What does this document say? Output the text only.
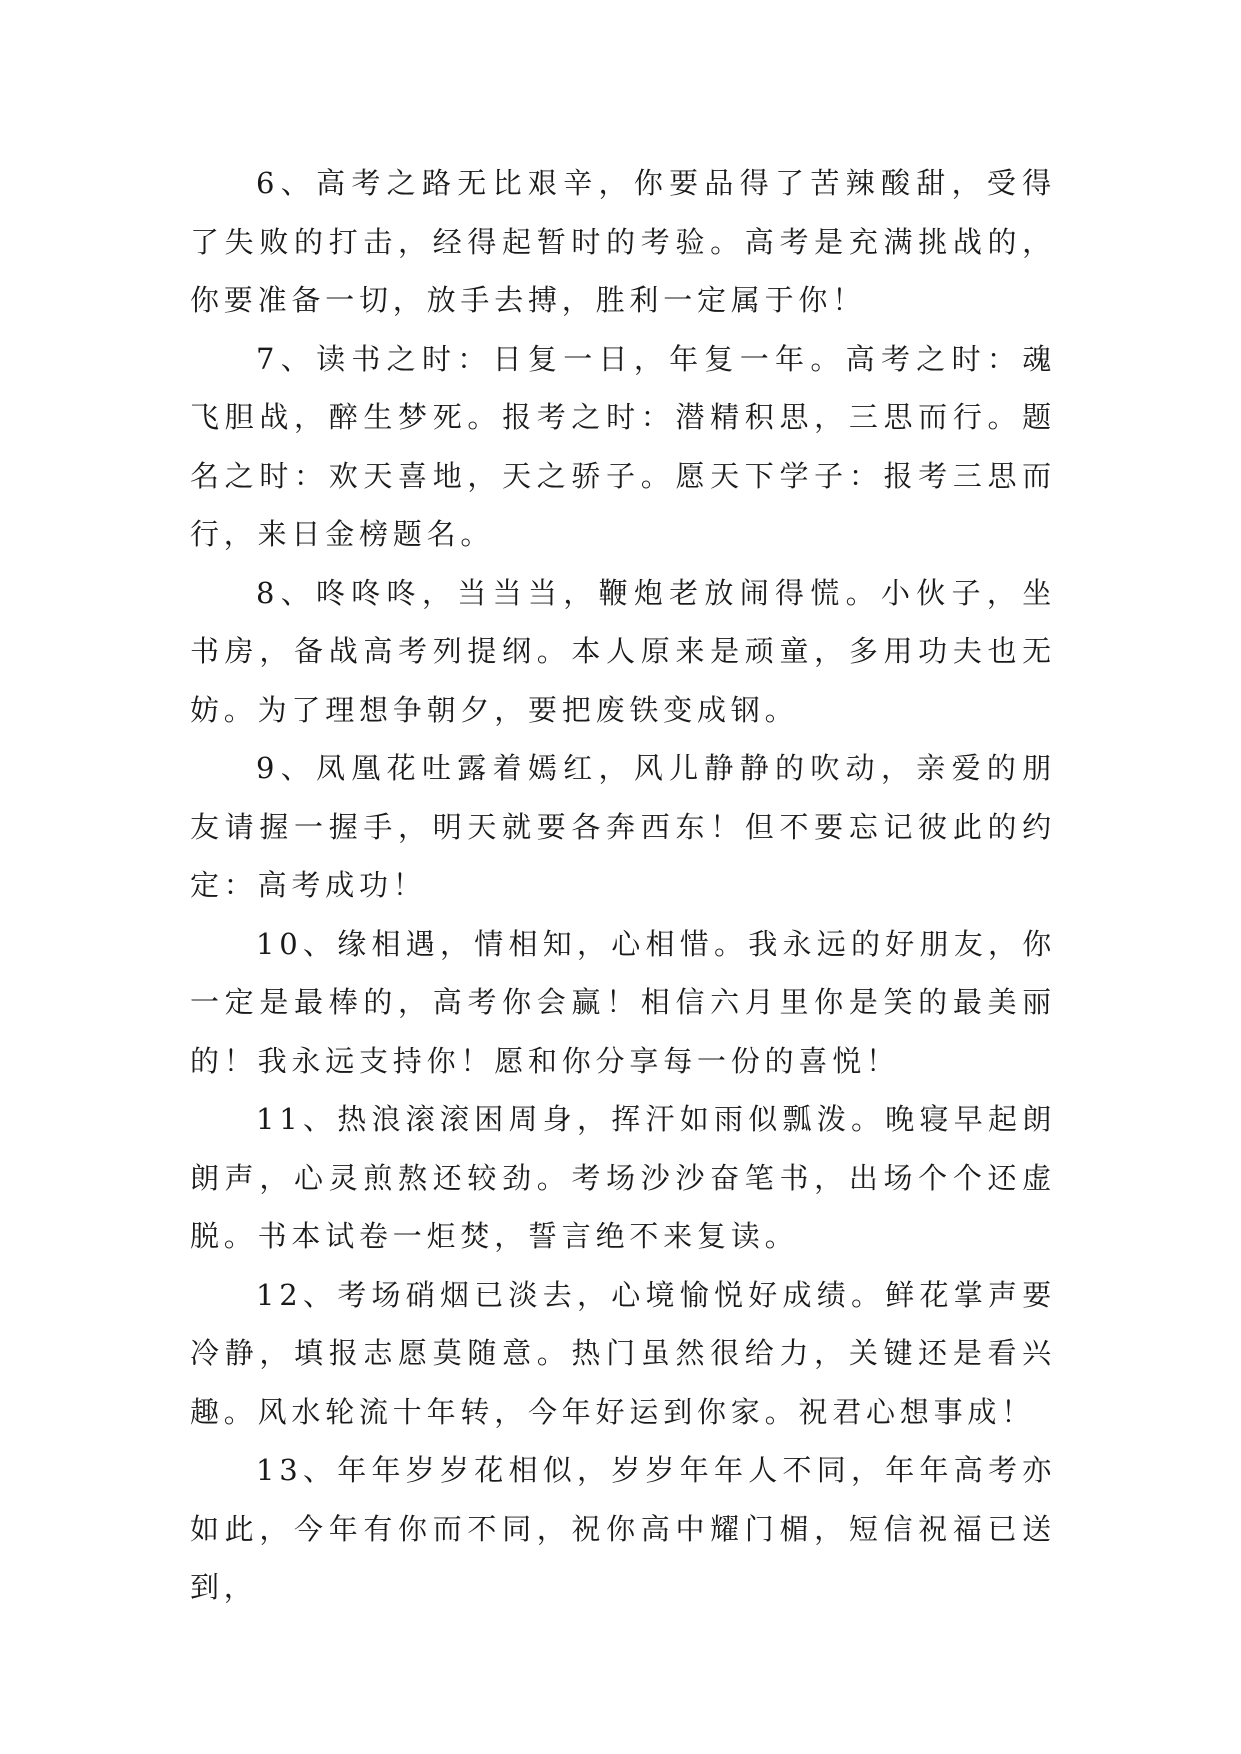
6、高考之路无比艰辛，你要品得了苦辣酸甜，受得了失败的打击，经得起暂时的考验。高考是充满挑战的，你要准备一切，放手去搏，胜利一定属于你！

7、读书之时：日复一日，年复一年。高考之时：魂飞胆战，醉生梦死。报考之时：潜精积思，三思而行。题名之时：欢天喜地，天之骄子。愿天下学子：报考三思而行，来日金榜题名。

8、咚咚咚，当当当，鞭炮老放闹得慌。小伙子，坐书房，备战高考列提纲。本人原来是顽童，多用功夫也无妨。为了理想争朝夕，要把废铁变成钢。

9、凤凰花吐露着嫣红，风儿静静的吹动，亲爱的朋友请握一握手，明天就要各奔西东！但不要忘记彼此的约定：高考成功！

10、缘相遇，情相知，心相惜。我永远的好朋友，你一定是最棒的，高考你会赢！相信六月里你是笑的最美丽的！我永远支持你！愿和你分享每一份的喜悦！

11、热浪滚滚困周身，挥汗如雨似瓢泼。晚寝早起朗朗声，心灵煎熬还较劲。考场沙沙奋笔书，出场个个还虚脱。书本试卷一炬焚，誓言绝不来复读。

12、考场硝烟已淡去，心境愉悦好成绩。鲜花掌声要冷静，填报志愿莫随意。热门虽然很给力，关键还是看兴趣。风水轮流十年转，今年好运到你家。祝君心想事成！

13、年年岁岁花相似，岁岁年年人不同，年年高考亦如此，今年有你而不同，祝你高中耀门楣，短信祝福已送到，
